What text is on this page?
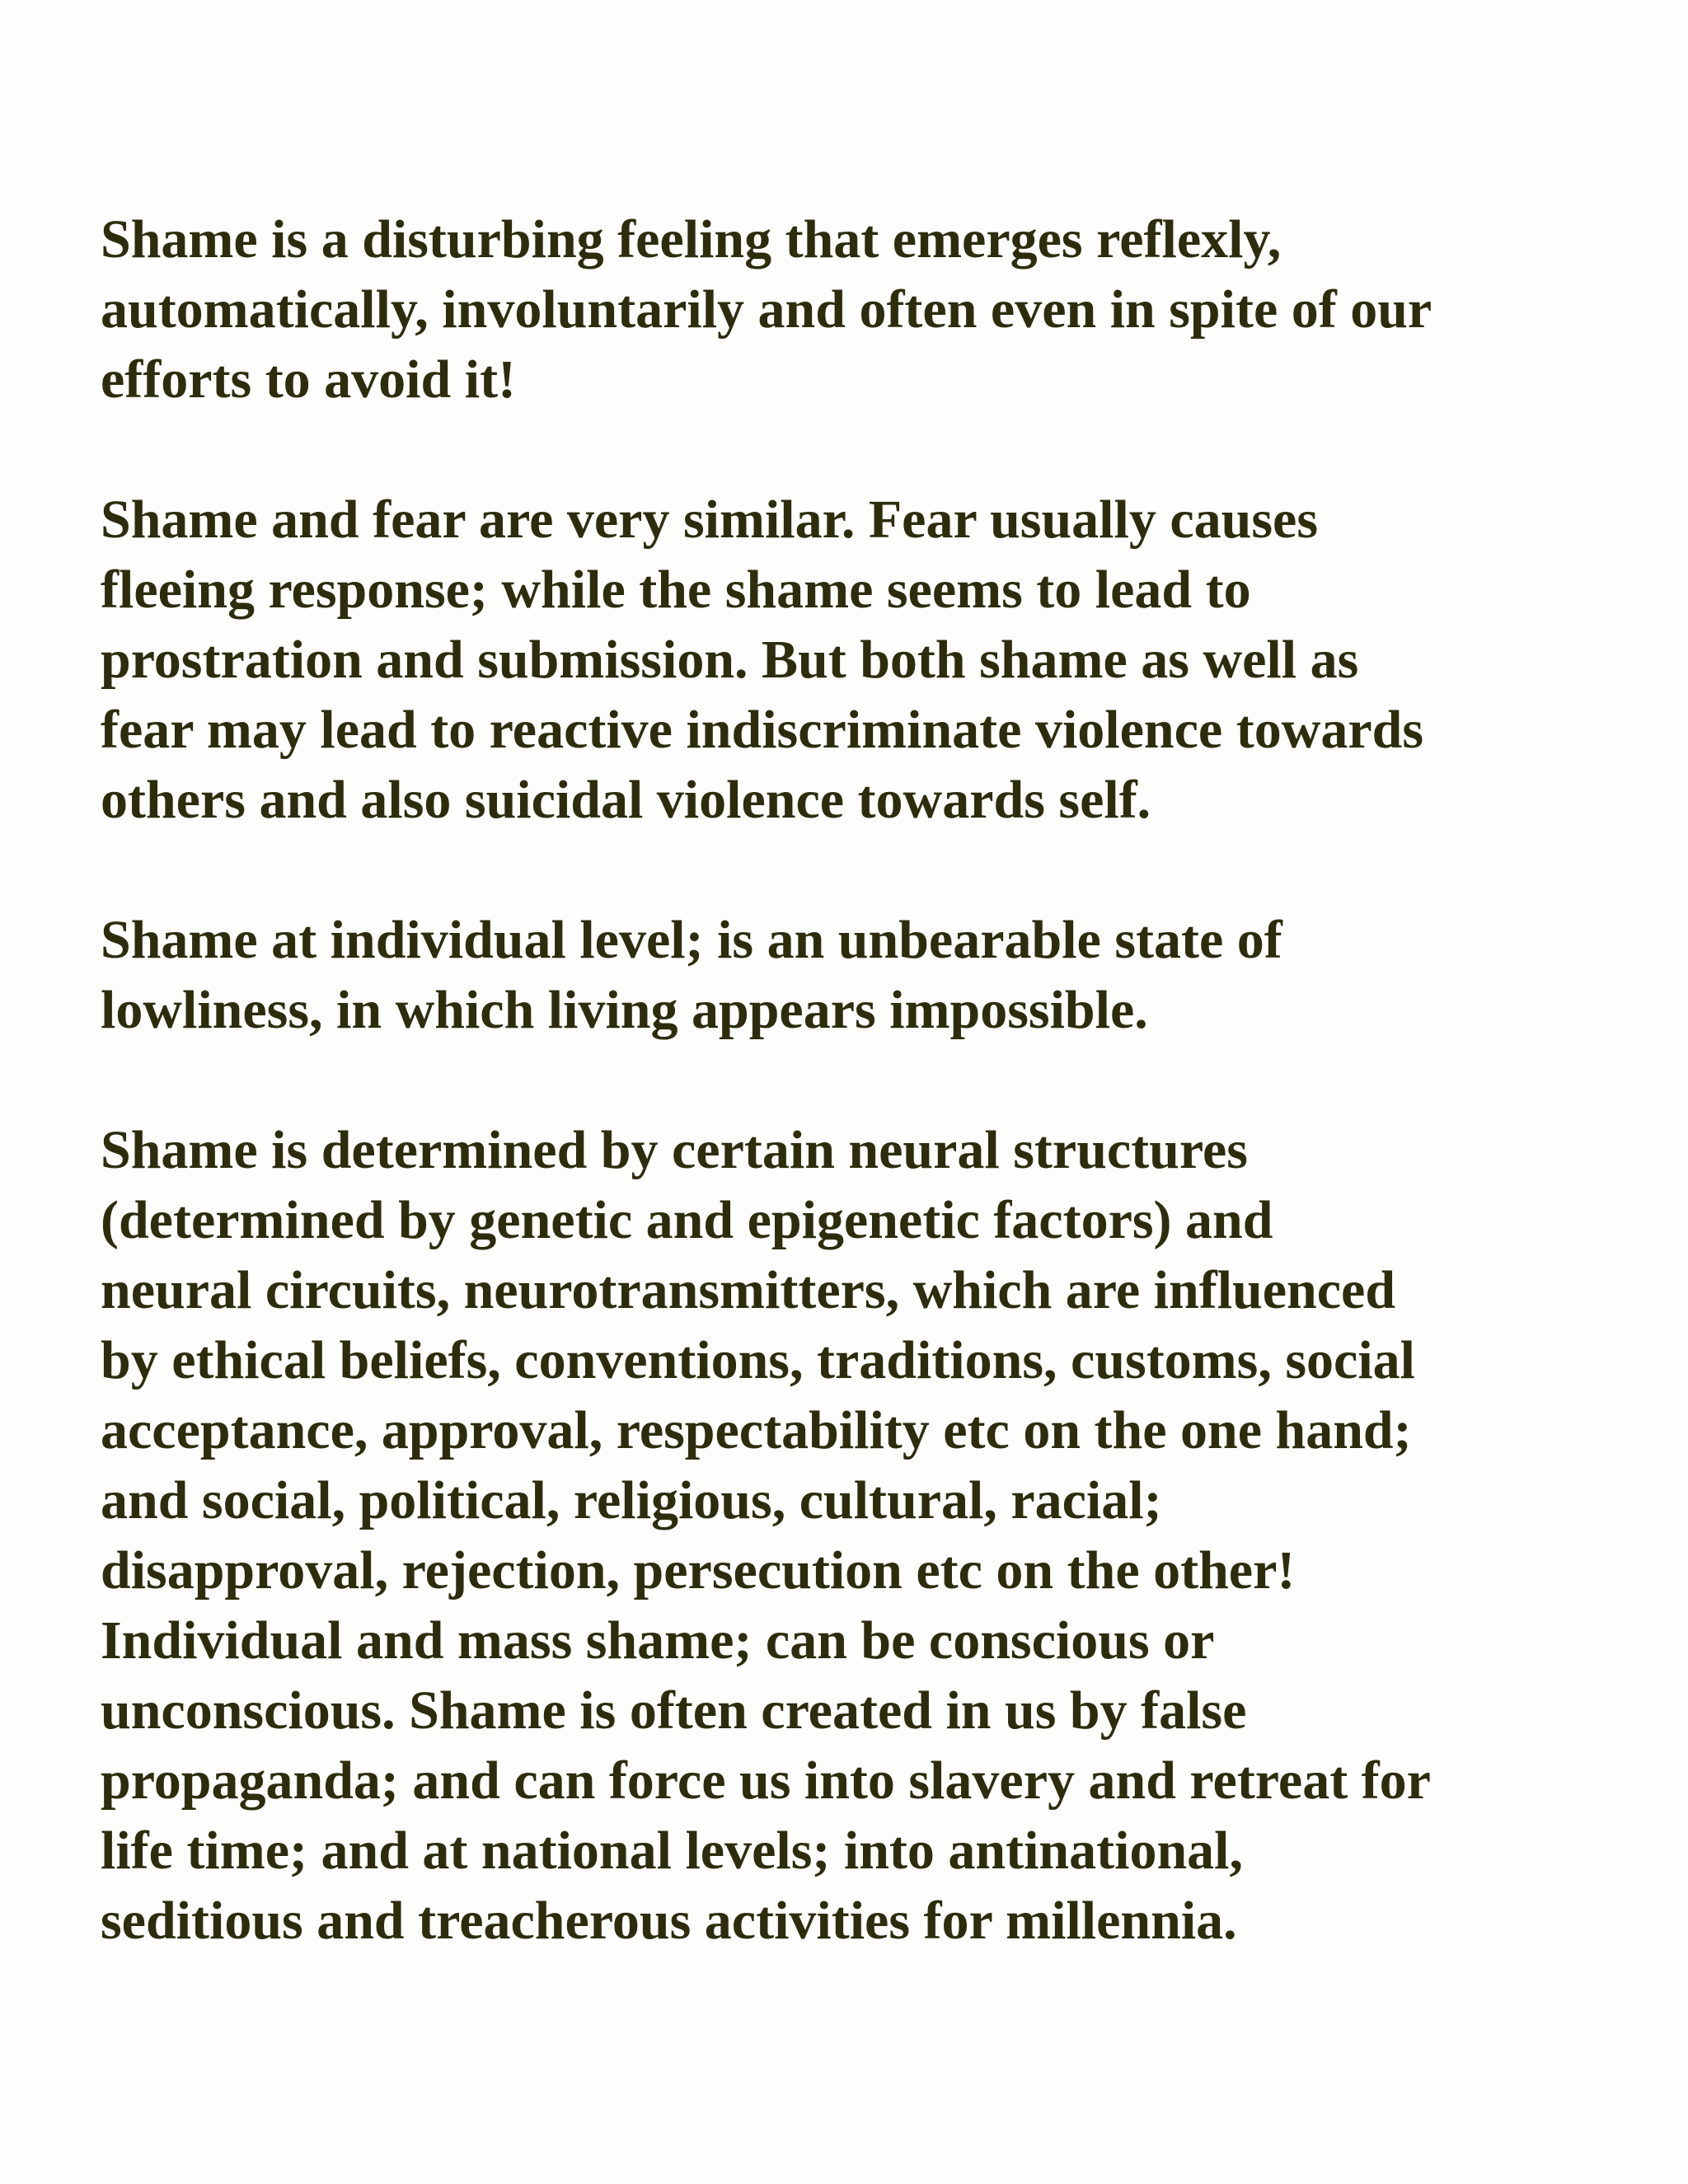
Shame is a disturbing feeling that emerges reflexly,
automatically, involuntarily and often even in spite of our
efforts to avoid it!

Shame and fear are very similar. Fear usually causes
fleeing response; while the shame seems to lead to
prostration and submission. But both shame as well as
fear may lead to reactive indiscriminate violence towards
others and also suicidal violence towards self.

Shame at individual level; is an unbearable state of
lowliness, in which living appears impossible.

Shame is determined by certain neural structures
(determined by genetic and epigenetic factors) and
neural circuits, neurotransmitters, which are influenced
by ethical beliefs, conventions, traditions, customs, social
acceptance, approval, respectability etc on the one hand;
and social, political, religious, cultural, racial;
disapproval, rejection, persecution etc on the other!
Individual and mass shame; can be conscious or
unconscious. Shame is often created in us by false
propaganda; and can force us into slavery and retreat for
life time; and at national levels; into antinational,
seditious and treacherous activities for millennia.
